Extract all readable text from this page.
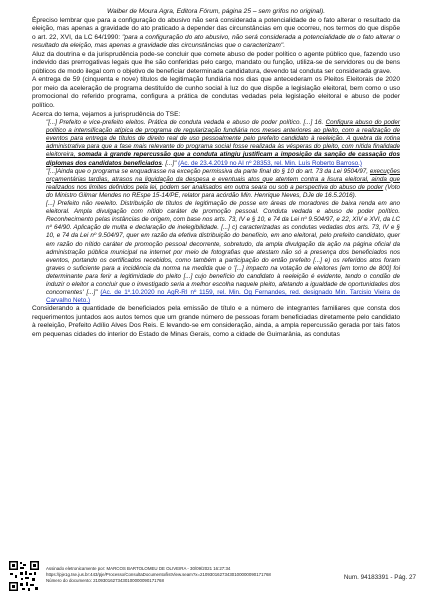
Walber de Moura Agra, Editora Fórum, página 25 – sem grifos no original).

Épreciso lembrar que para a configuração do abusivo não será considerada a potencialidade de o fato alterar o resultado da eleição, mas apenas a gravidade do ato praticado a depender das circunstâncias em que ocorreu, nos termos do que dispõe o art. 22, XVI, da LC 64/1990: "para a configuração do ato abusivo, não será considerada a potencialidade de o fato alterar o resultado da eleição, mas apenas a gravidade das circunstâncias que o caracterizam".

Aluz da doutrina e da jurisprudência pode-se concluir que comete abuso de poder político o agente público que, fazendo uso indevido das prerrogativas legais que lhe são conferidas pelo cargo, mandato ou função, utiliza-se de servidores ou de bens públicos de modo ilegal com o objetivo de beneficiar determinada candidatura, devendo tal conduta ser considerada grave.

A entrega de 59 (cinquenta e nove) títulos de legitimação fundiária nos dias que antecederam os Pleitos Eleitorais de 2020 por meio da aceleração de programa destituído de cunho social à luz do que dispõe a legislação eleitoral, bem como o uso promocional do referido programa, configura a prática de condutas vedadas pela legislação eleitoral e abuso de poder político.

Acerca do tema, vejamos a jurisprudência do TSE:

"[...] Prefeito e vice-prefeito eleitos. Prática de conduta vedada e abuso de poder político. [...] 16. Configura abuso do poder político a intensificação atípica de programa de regularização fundiária nos meses anteriores ao pleito, com a realização de eventos para entrega de títulos de direito real de uso pessoalmente pelo prefeito candidato à reeleição. A quebra da rotina administrativa para que a fase mais relevante do programa social fosse realizada às vésperas do pleito, com nítida finalidade eleitoreira, somada à grande repercussão que a conduta atingiu justificam a imposição da sanção de cassação dos diplomas dos candidatos beneficiados. [...]" (Ac. de 23.4.2019 no AI nº 28353, rel. Min. Luís Roberto Barroso.)

"[...]Ainda que o programa se enquadrasse na exceção permissiva da parte final do § 10 do art. 73 da Lei 9504/97, execuções orçamentárias tardias, atrasos na liquidação da despesa e eventuais atos que atentem contra a lisura eleitoral, ainda que realizados nos limites definidos pela lei, podem ser analisados em outra seara ou sob a perspectiva do abuso de poder (Voto do Ministro Gilmar Mendes no REspe 15-14/PE, relator para acórdão Min. Henrique Neves, DJe de 16.5.2016).

[...] Prefeito não reeleito. Distribuição de títulos de legitimação de posse em áreas de moradores de baixa renda em ano eleitoral. Ampla divulgação com nítido caráter de promoção pessoal. Conduta vedada e abuso de poder político. Reconhecimento pelas instâncias de origem, com base nos arts. 73, IV e § 10, e 74 da Lei nº 9.504/97, e 22, XIV e XVI, da LC nº 64/90. Aplicação de multa e declaração de inelegibilidade. [...] c) caracterizadas as condutas vedadas dos arts. 73, IV e § 10, e 74 da Lei nº 9.504/97, quer em razão da efetiva distribuição do benefício, em ano eleitoral, pelo prefeito candidato, quer em razão do nítido caráter de promoção pessoal decorrente, sobretudo, da ampla divulgação da ação na página oficial da administração pública municipal na internet por meio de fotografias que atestam não só a presença dos beneficiados nos eventos, portando os certificados recebidos, como também a participação do então prefeito [...] e) os referidos atos foram graves o suficiente para a incidência da norma na medida que o '[...] impacto na votação de eleitores [em torno de 800] foi determinante para ferir a legitimidade do pleito [...] cujo benefício do candidato à reeleição é evidente, tendo o condão de induzir o eleitor a concluir que o investigado seria a melhor escolha naquele pleito, afetando a igualdade de oportunidades dos concorrentes' [...]" (Ac. de 1º.10.2020 no AgR-RI nº 1159, rel. Min. Og Fernandes, red. designado Min. Tarcisio Vieira de Carvalho Neto.)

Considerando a quantidade de beneficiados pela emissão de título e a número de integrantes familiares que consta dos requerimentos juntados aos autos temos que um grande número de pessoas foram beneficiadas diretamente pelo candidato à reeleição, Prefeito Adílio Alves Dos Reis. E levando-se em consideração, ainda, a ampla repercussão gerada por tais fatos em pequenas cidades do interior do Estado de Minas Gerais, como a cidade de Guimarânia, as condutas

Assinado eletronicamente por: MARCOS BARTOLOMEU DE OLIVEIRA - 30/09/2021 16:27:34
https://pje1g.tse.jus.br:443/pje/Processo/ConsultaDocumento/listView.seam?x=21093016273430100000090171768
Número do documento: 21093016273430100000090171768	Num. 94183391 - Pág. 27
